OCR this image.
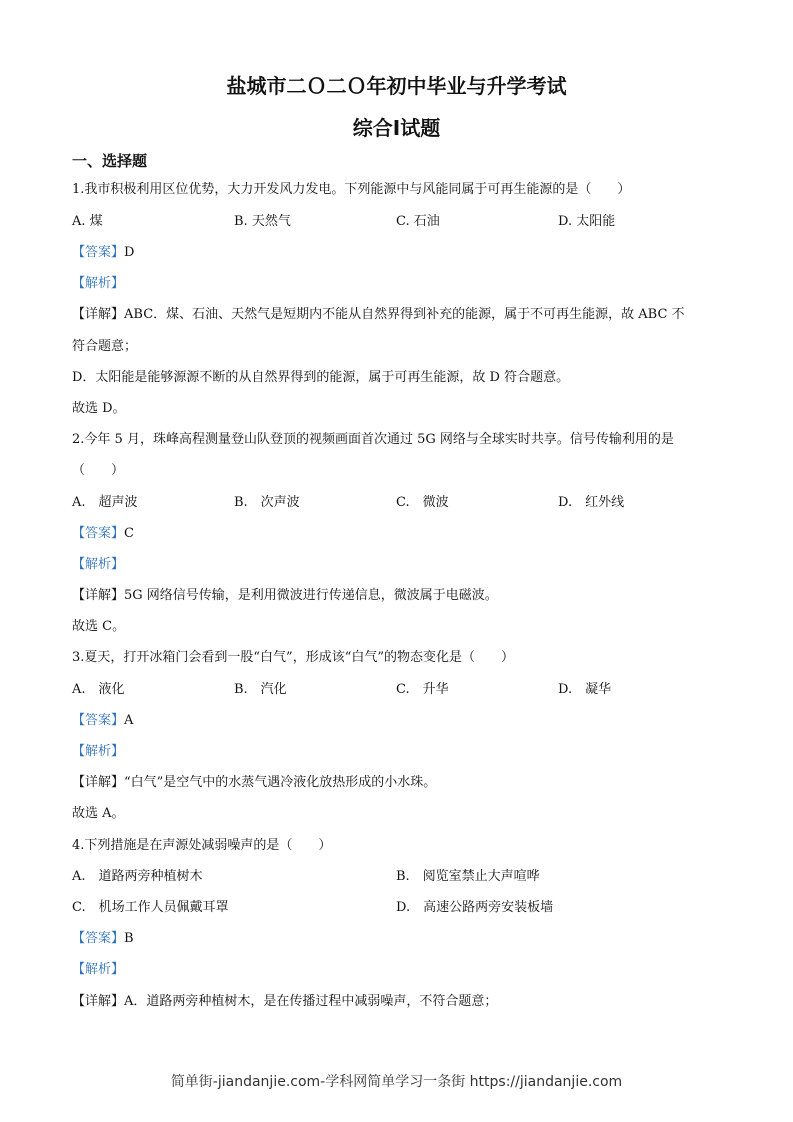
盐城市二Ｏ二Ｏ年初中毕业与升学考试
综合Ⅰ试题
一、选择题
1.我市积极利用区位优势，大力开发风力发电。下列能源中与风能同属于可再生能源的是（　　）
A. 煤	B. 天然气	C. 石油	D. 太阳能
【答案】D
【解析】
【详解】ABC．煤、石油、天然气是短期内不能从自然界得到补充的能源，属于不可再生能源，故 ABC 不
符合题意；
D．太阳能是能够源源不断的从自然界得到的能源，属于可再生能源，故 D 符合题意。
故选 D。
2.今年 5 月，珠峰高程测量登山队登顶的视频画面首次通过 5G 网络与全球实时共享。信号传输利用的是
（　　）
A.　超声波	B.　次声波	C.　微波	D.　红外线
【答案】C
【解析】
【详解】5G 网络信号传输，是利用微波进行传递信息，微波属于电磁波。
故选 C。
3.夏天，打开冰箱门会看到一股“白气”，形成该“白气”的物态变化是（　　）
A.　液化	B.　汽化	C.　升华	D.　凝华
【答案】A
【解析】
【详解】“白气”是空气中的水蒸气遇冷液化放热形成的小水珠。
故选 A。
4.下列措施是在声源处减弱噪声的是（　　）
A.　道路两旁种植树木	B.　阅览室禁止大声喧哗
C.　机场工作人员佩戴耳罩	D.　高速公路两旁安装板墙
【答案】B
【解析】
【详解】A．道路两旁种植树木，是在传播过程中减弱噪声，不符合题意；
简单街-jiandanjie.com-学科网简单学习一条街 https://jiandanjie.com
